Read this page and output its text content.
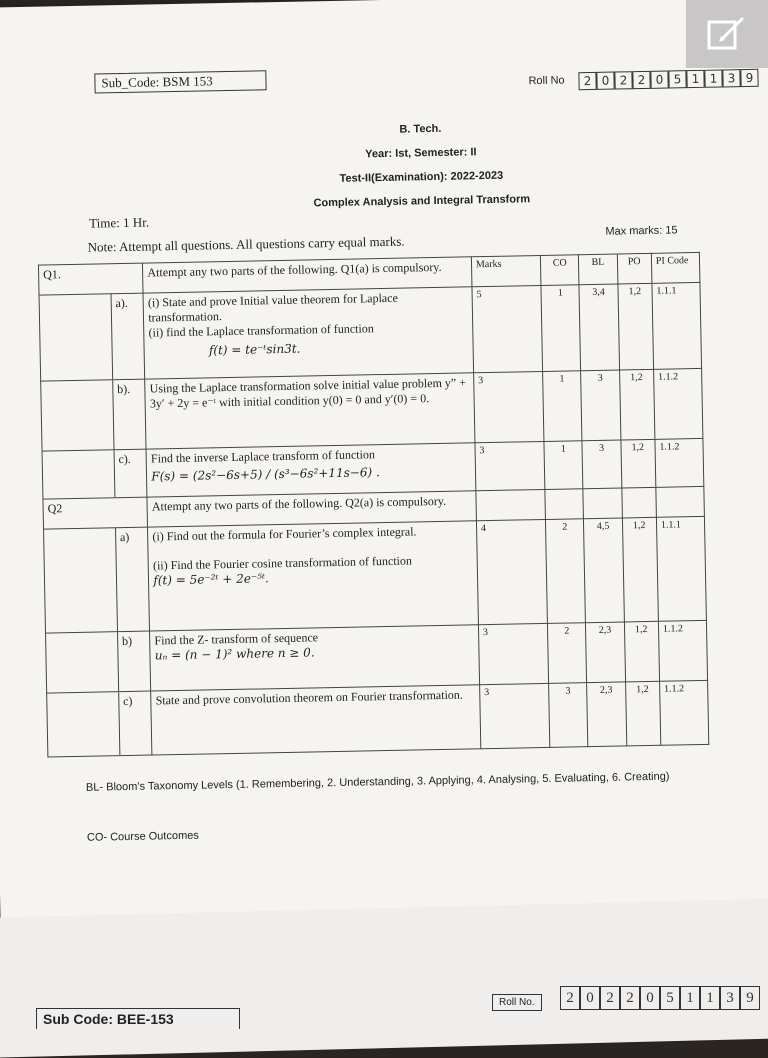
Sub_Code: BSM 153	Roll No	2 0 2 2 0 5 1 1 3 9
B. Tech.
Year: Ist, Semester: II
Test-II(Examination): 2022-2023
Complex Analysis and Integral Transform
Time: 1 Hr.
Max marks: 15
Note: Attempt all questions. All questions carry equal marks.
Q1.		Attempt any two parts of the following. Q1(a) is compulsory.	Marks	CO	BL	PO	PI Code
	a).	(i) State and prove Initial value theorem for Laplace transformation.
(ii) find the Laplace transformation of function
f(t) = te⁻ᵗsin3t.	5	1	3,4	1,2	1.1.1
	b).	Using the Laplace transformation solve initial value problem y” + 3y′ + 2y = e⁻ᵗ with initial condition y(0) = 0 and y′(0) = 0.	3	1	3	1,2	1.1.2
	c).	Find the inverse Laplace transform of function
F(s) = (2s²−6s+5) / (s³−6s²+11s−6) .	3	1	3	1,2	1.1.2
Q2		Attempt any two parts of the following. Q2(a) is compulsory.					
	a)	(i) Find out the formula for Fourier’s complex integral.
(ii) Find the Fourier cosine transformation of function
f(t) = 5e⁻²ᵗ + 2e⁻⁵ᵗ.	4	2	4,5	1,2	1.1.1
	b)	Find the Z- transform of sequence
uₙ = (n − 1)² where n ≥ 0.	3	2	2,3	1,2	1.1.2
	c)	State and prove convolution theorem on Fourier transformation.	3	3	2,3	1,2	1.1.2
BL- Bloom’s Taxonomy Levels (1. Remembering, 2. Understanding, 3. Applying, 4. Analysing, 5. Evaluating, 6. Creating)
CO- Course Outcomes
Sub Code: BEE-153
Roll No.	2 0 2 2 0 5 1 1 3 9
